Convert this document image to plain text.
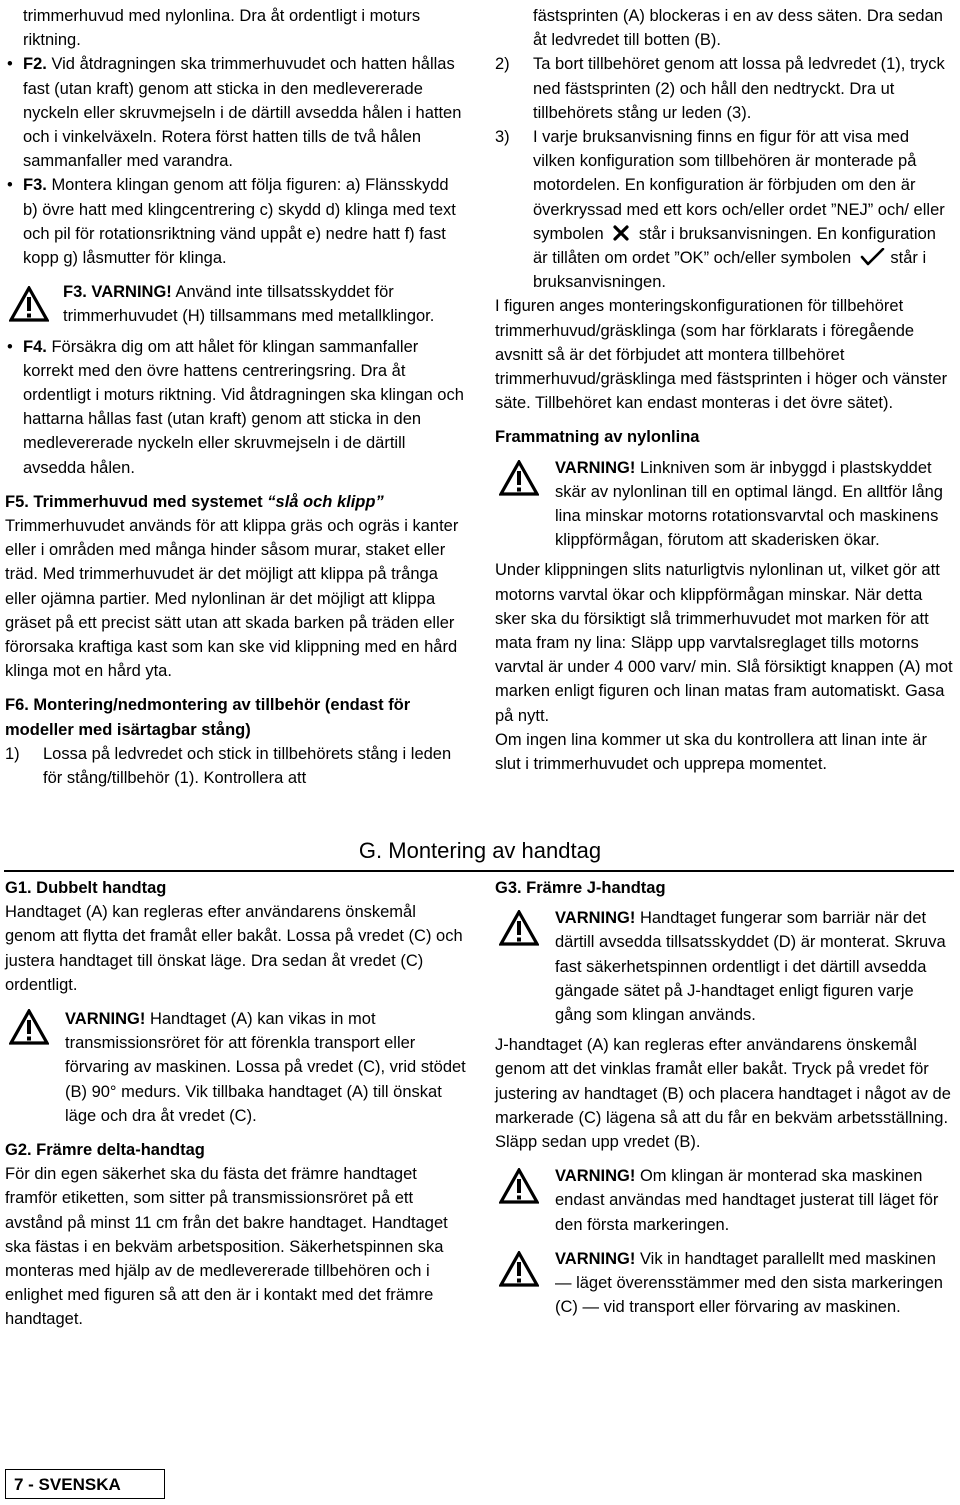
trimmerhuvud med nylonlina. Dra åt ordentligt i moturs riktning.

• F2. Vid åtdragningen ska trimmerhuvudet och hatten hållas fast (utan kraft) genom att sticka in den medlevererade nyckeln eller skruvmejseln i de därtill avsedda hålen i hatten och i vinkelväxeln. Rotera först hatten tills de två hålen sammanfaller med varandra.

• F3. Montera klingan genom att följa figuren: a) Flänsskydd b) övre hatt med klingcentrering c) skydd d) klinga med text och pil för rotationsriktning vänd uppåt e) nedre hatt f) fast kopp g) låsmutter för klinga.

F3. VARNING! Använd inte tillsatsskyddet för trimmerhuvudet (H) tillsammans med metallklingor.

• F4. Försäkra dig om att hålet för klingan sammanfaller korrekt med den övre hattens centreringsring. Dra åt ordentligt i moturs riktning. Vid åtdragningen ska klingan och hattarna hållas fast (utan kraft) genom att sticka in den medlevererade nyckeln eller skruvmejseln i de därtill avsedda hålen.

F5. Trimmerhuvud med systemet “slå och klipp”

Trimmerhuvudet används för att klippa gräs och ogräs i kanter eller i områden med många hinder såsom murar, staket eller träd. Med trimmerhuvudet är det möjligt att klippa på trånga eller ojämna partier. Med nylonlinan är det möjligt att klippa gräset på ett precist sätt utan att skada barken på träden eller förorsaka kraftiga kast som kan ske vid klippning med en hård klinga mot en hård yta.

F6. Montering/nedmontering av tillbehör (endast för modeller med isärtagbar stång)

1) Lossa på ledvredet och stick in tillbehörets stång i leden för stång/tillbehör (1). Kontrollera att

fästsprinten (A) blockeras i en av dess säten. Dra sedan åt ledvredet till botten (B).

2) Ta bort tillbehöret genom att lossa på ledvredet (1), tryck ned fästsprinten (2) och håll den nedtryckt. Dra ut tillbehörets stång ur leden (3).

3) I varje bruksanvisning finns en figur för att visa med vilken konfiguration som tillbehören är monterade på motordelen. En konfiguration är förbjuden om den är överkryssad med ett kors och/eller ordet ”NEJ” och/ eller symbolen står i bruksanvisningen. En konfiguration är tillåten om ordet ”OK” och/eller symbolen står i bruksanvisningen.

I figuren anges monteringskonfigurationen för tillbehöret trimmerhuvud/gräsklinga (som har förklarats i föregående avsnitt så är det förbjudet att montera tillbehöret trimmerhuvud/gräsklinga med fästsprinten i höger och vänster säte. Tillbehöret kan endast monteras i det övre sätet).

Frammatning av nylonlina

VARNING! Linkniven som är inbyggd i plastskyddet skär av nylonlinan till en optimal längd. En alltför lång lina minskar motorns rotationsvarvtal och maskinens klippförmågan, förutom att skaderisken ökar.

Under klippningen slits naturligtvis nylonlinan ut, vilket gör att motorns varvtal ökar och klippförmågan minskar. När detta sker ska du försiktigt slå trimmerhuvudet mot marken för att mata fram ny lina: Släpp upp varvtalsreglaget tills motorns varvtal är under 4 000 varv/ min. Slå försiktigt knappen (A) mot marken enligt figuren och linan matas fram automatiskt. Gasa på nytt.

Om ingen lina kommer ut ska du kontrollera att linan inte är slut i trimmerhuvudet och upprepa momentet.

G. Montering av handtag

G1. Dubbelt handtag

Handtaget (A) kan regleras efter användarens önskemål genom att flytta det framåt eller bakåt. Lossa på vredet (C) och justera handtaget till önskat läge. Dra sedan åt vredet (C) ordentligt.

VARNING! Handtaget (A) kan vikas in mot transmissionsröret för att förenkla transport eller förvaring av maskinen. Lossa på vredet (C), vrid stödet (B) 90° medurs. Vik tillbaka handtaget (A) till önskat läge och dra åt vredet (C).

G2. Främre delta-handtag

För din egen säkerhet ska du fästa det främre handtaget framför etiketten, som sitter på transmissionsröret på ett avstånd på minst 11 cm från det bakre handtaget. Handtaget ska fästas i en bekväm arbetsposition. Säkerhetspinnen ska monteras med hjälp av de medlevererade tillbehören och i enlighet med figuren så att den är i kontakt med det främre handtaget.

G3. Främre J-handtag

VARNING! Handtaget fungerar som barriär när det därtill avsedda tillsatsskyddet (D) är monterat. Skruva fast säkerhetspinnen ordentligt i det därtill avsedda gängade sätet på J-handtaget enligt figuren varje gång som klingan används.

J-handtaget (A) kan regleras efter användarens önskemål genom att det vinklas framåt eller bakåt. Tryck på vredet för justering av handtaget (B) och placera handtaget i något av de markerade (C) lägena så att du får en bekväm arbetsställning. Släpp sedan upp vredet (B).

VARNING! Om klingan är monterad ska maskinen endast användas med handtaget justerat till läget för den första markeringen.

VARNING! Vik in handtaget parallellt med maskinen — läget överensstämmer med den sista markeringen (C) — vid transport eller förvaring av maskinen.

7 - SVENSKA
